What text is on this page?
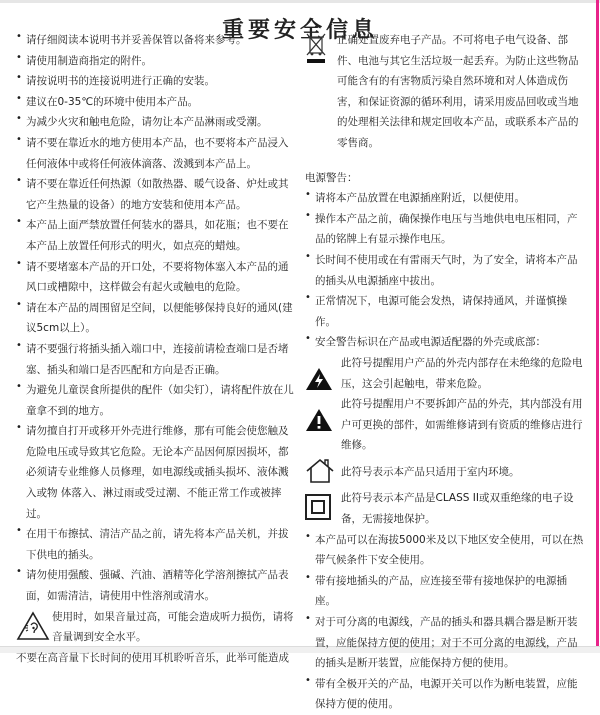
重要安全信息
• 请仔细阅读本说明书并妥善保管以备将来参考。
• 请使用制造商指定的附件。
• 请按说明书的连接说明进行正确的安装。
• 建议在0-35℃的环境中使用本产品。
• 为减少火灾和触电危险，请勿让本产品淋雨或受潮。
• 请不要在靠近水的地方使用本产品，也不要将本产品浸入任何液体中或将任何液体滴落、泼溅到本产品上。
• 请不要在靠近任何热源（如散热器、暖气设备、炉灶或其它产生热量的设备）的地方安装和使用本产品。
• 本产品上面严禁放置任何装水的器具，如花瓶；也不要在本产品上放置任何形式的明火，如点亮的蜡烛。
• 请不要堵塞本产品的开口处，不要将物体塞入本产品的通风口或槽隙中，这样做会有起火或触电的危险。
• 请在本产品的周围留足空间，以便能够保持良好的通风(建议5cm以上）。
• 请不要强行将插头插入端口中，连接前请检查端口是否堵塞、插头和端口是否匹配和方向是否正确。
• 为避免儿童误食所提供的配件（如尖钉），请将配件放在儿童拿不到的地方。
• 请勿擅自打开或移开外壳进行维修，那有可能会使您触及危险电压或导致其它危险。无论本产品因何原因损坏，都必须请专业维修人员修理，如电源线或插头损坏、液体溅入或物 体落入、淋过雨或受过潮、不能正常工作或被摔过。
• 在用干布擦拭、清洁产品之前，请先将本产品关机，并拔下供电的插头。
• 请勿使用强酸、强碱、汽油、酒精等化学溶剂擦拭产品表面，如需清洁，请使用中性溶剂或清水。
使用时，如果音量过高，可能会造成听力损伤，请将音量调到安全水平。
不要在高音量下长时间的使用耳机聆听音乐，此举可能造成
正确处置废弃电子产品。不可将电子电气设备、部件、电池与其它生活垃圾一起丢弃。为防止这些物品可能含有的有害物质污染自然环境和对人体造成伤害，和保证资源的循环利用，请采用废品回收或当地的处理相关法律和规定回收本产品，或联系本产品的零售商。
电源警告：
• 请将本产品放置在电源插座附近，以便使用。
• 操作本产品之前，确保操作电压与当地供电电压相同，产品的铭牌上有显示操作电压。
• 长时间不使用或在有雷雨天气时，为了安全，请将本产品的插头从电源插座中拔出。
• 正常情况下，电源可能会发热，请保持通风，并谨慎操作。
• 安全警告标识在产品或电源适配器的外壳或底部：
此符号提醒用户产品的外壳内部存在未绝缘的危险电压，这会引起触电，带来危险。
此符号提醒用户不要拆卸产品的外壳，其内部没有用户可更换的部件，如需维修请到有资质的维修店进行维修。
此符号表示本产品只适用于室内环境。
此符号表示本产品是CLASS II或双重绝缘的电子设备，无需接地保护。
• 本产品可以在海拔5000米及以下地区安全使用，可以在热带气候条件下安全使用。
• 带有接地插头的产品，应连接至带有接地保护的电源插座。
• 对于可分离的电源线，产品的插头和器具耦合器是断开装置，应能保持方便的使用；对于不可分离的电源线，产品的插头是断开装置，应能保持方便的使用。
• 带有全极开关的产品，电源开关可以作为断电装置，应能保持方便的使用。
